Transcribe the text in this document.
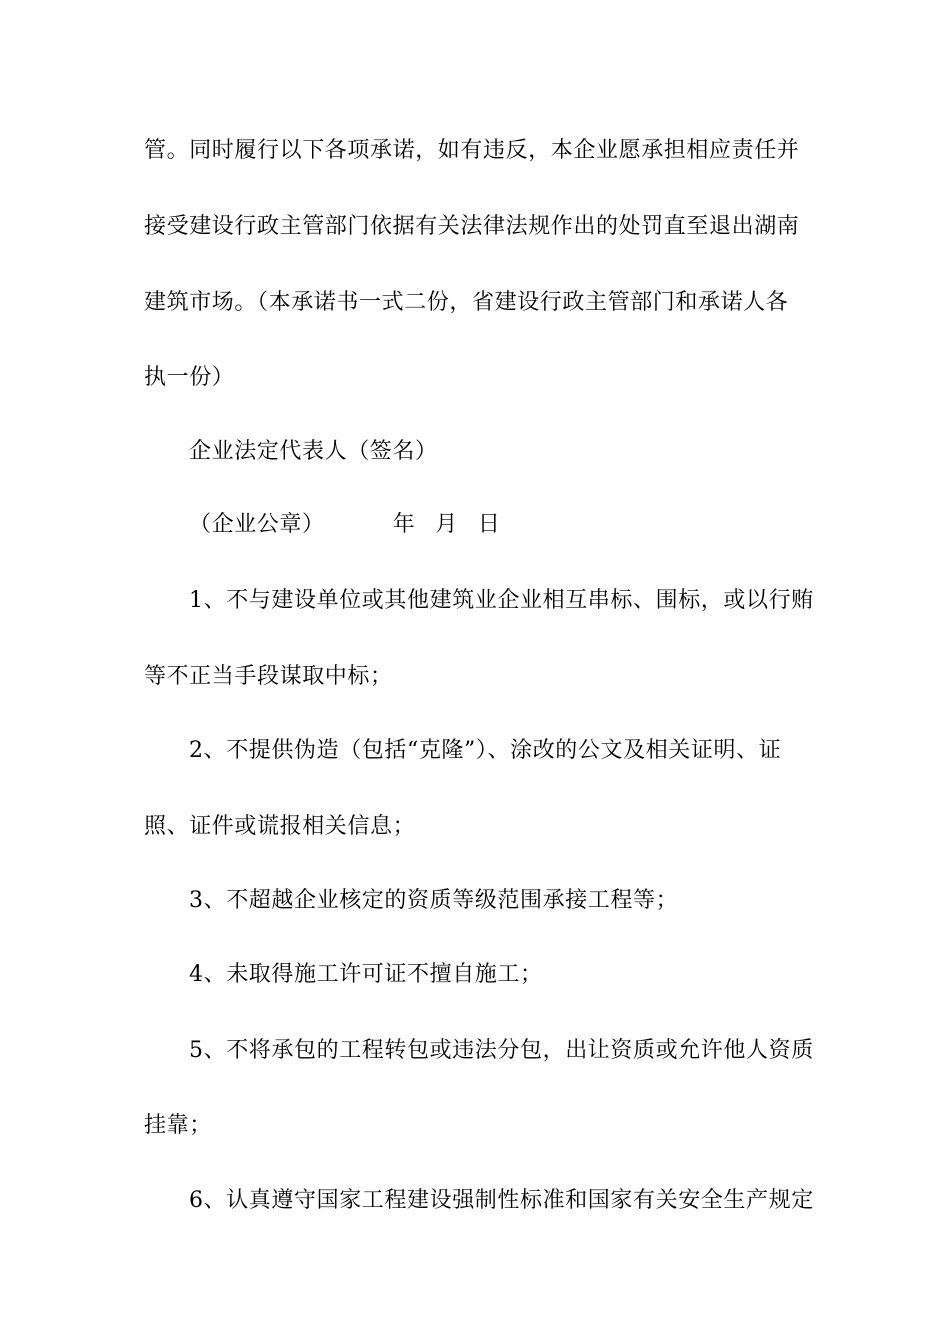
管。同时履行以下各项承诺，如有违反，本企业愿承担相应责任并
接受建设行政主管部门依据有关法律法规作出的处罚直至退出湖南
建筑市场。（本承诺书一式二份，省建设行政主管部门和承诺人各
执一份）
企业法定代表人（签名）
（企业公章）	年 月 日
1、不与建设单位或其他建筑业企业相互串标、围标，或以行贿
等不正当手段谋取中标；
2、不提供伪造（包括“克隆”）、涂改的公文及相关证明、证
照、证件或谎报相关信息；
3、不超越企业核定的资质等级范围承接工程等；
4、未取得施工许可证不擅自施工；
5、不将承包的工程转包或违法分包，出让资质或允许他人资质
挂靠；
6、认真遵守国家工程建设强制性标准和国家有关安全生产规定
